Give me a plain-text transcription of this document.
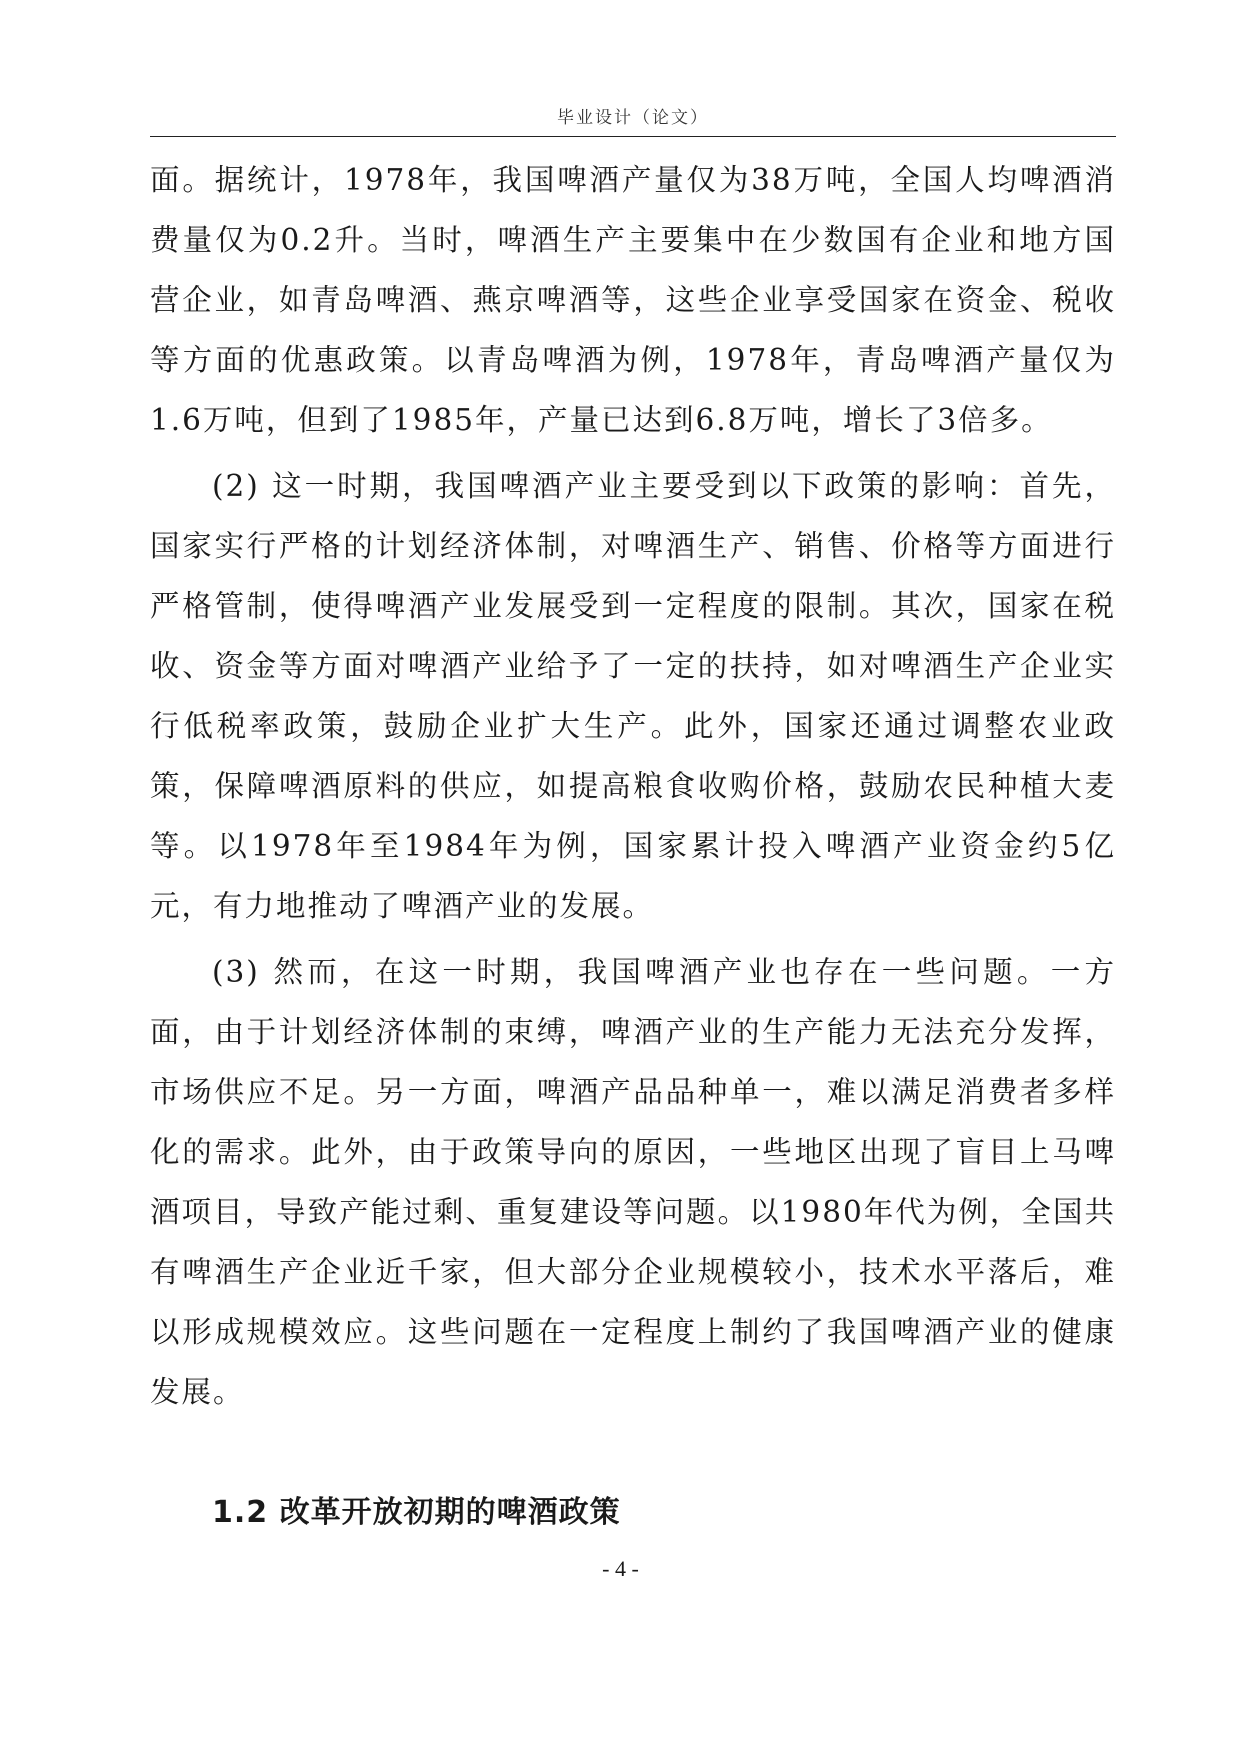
毕业设计（论文）

面。据统计，1978年，我国啤酒产量仅为38万吨，全国人均啤酒消费量仅为0.2升。当时，啤酒生产主要集中在少数国有企业和地方国营企业，如青岛啤酒、燕京啤酒等，这些企业享受国家在资金、税收等方面的优惠政策。以青岛啤酒为例，1978年，青岛啤酒产量仅为1.6万吨，但到了1985年，产量已达到6.8万吨，增长了3倍多。

(2) 这一时期，我国啤酒产业主要受到以下政策的影响：首先，国家实行严格的计划经济体制，对啤酒生产、销售、价格等方面进行严格管制，使得啤酒产业发展受到一定程度的限制。其次，国家在税收、资金等方面对啤酒产业给予了一定的扶持，如对啤酒生产企业实行低税率政策，鼓励企业扩大生产。此外，国家还通过调整农业政策，保障啤酒原料的供应，如提高粮食收购价格，鼓励农民种植大麦等。以1978年至1984年为例，国家累计投入啤酒产业资金约5亿元，有力地推动了啤酒产业的发展。

(3) 然而，在这一时期，我国啤酒产业也存在一些问题。一方面，由于计划经济体制的束缚，啤酒产业的生产能力无法充分发挥，市场供应不足。另一方面，啤酒产品品种单一，难以满足消费者多样化的需求。此外，由于政策导向的原因，一些地区出现了盲目上马啤酒项目，导致产能过剩、重复建设等问题。以1980年代为例，全国共有啤酒生产企业近千家，但大部分企业规模较小，技术水平落后，难以形成规模效应。这些问题在一定程度上制约了我国啤酒产业的健康发展。

1.2 改革开放初期的啤酒政策
- 4 -
